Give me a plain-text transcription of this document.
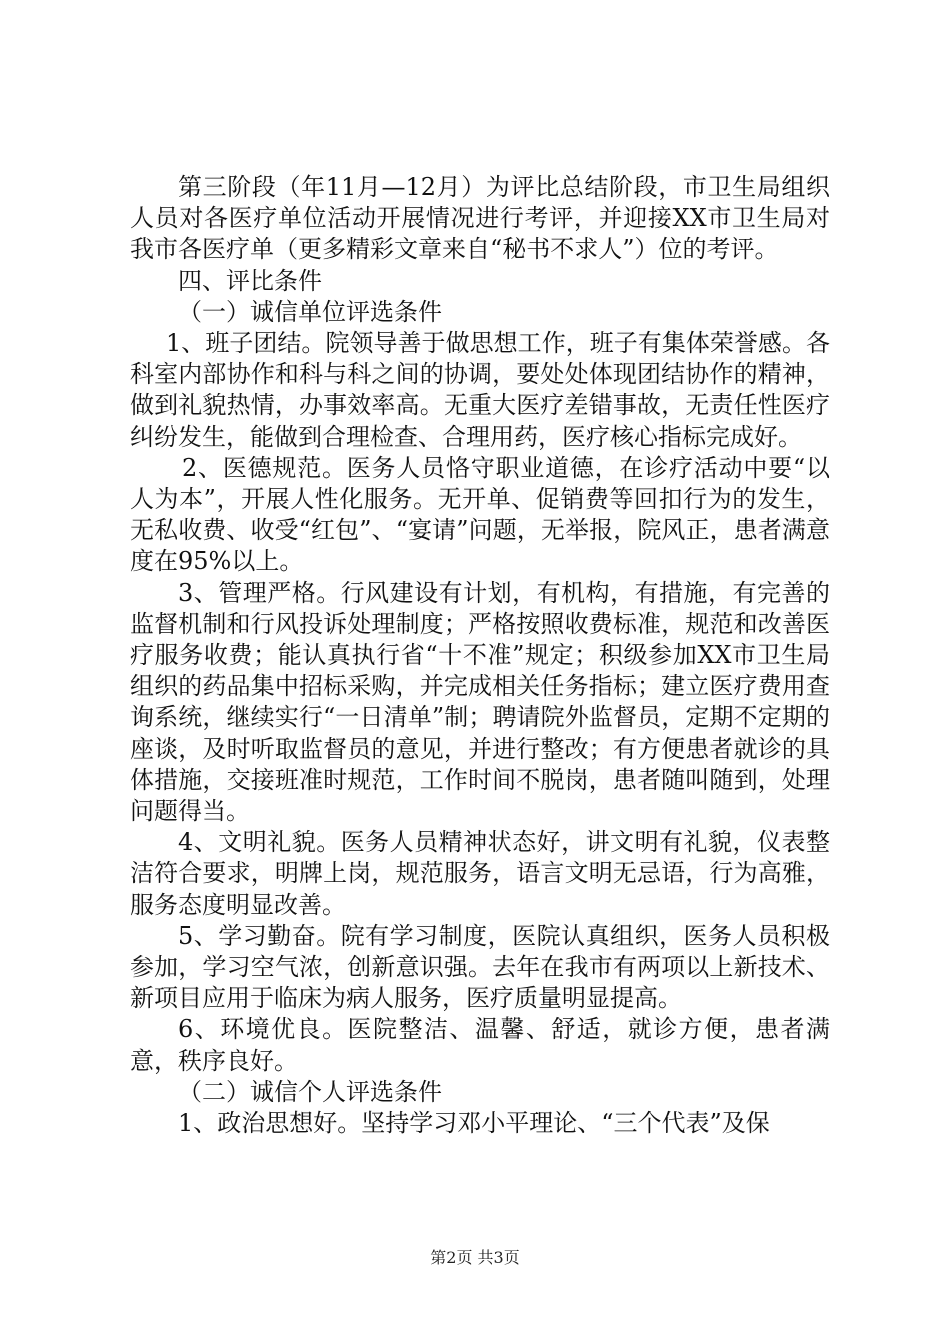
第三阶段（年11月—12月）为评比总结阶段，市卫生局组织人员对各医疗单位活动开展情况进行考评，并迎接XX市卫生局对我市各医疗单（更多精彩文章来自“秘书不求人”）位的考评。

四、评比条件

（一）诚信单位评选条件

1、班子团结。院领导善于做思想工作，班子有集体荣誉感。各科室内部协作和科与科之间的协调，要处处体现团结协作的精神，做到礼貌热情，办事效率高。无重大医疗差错事故，无责任性医疗纠纷发生，能做到合理检查、合理用药，医疗核心指标完成好。

2、医德规范。医务人员恪守职业道德，在诊疗活动中要“以人为本”，开展人性化服务。无开单、促销费等回扣行为的发生，无私收费、收受“红包”、“宴请”问题，无举报，院风正，患者满意度在95%以上。

3、管理严格。行风建设有计划，有机构，有措施，有完善的监督机制和行风投诉处理制度；严格按照收费标准，规范和改善医疗服务收费；能认真执行省“十不准”规定；积级参加XX市卫生局组织的药品集中招标采购，并完成相关任务指标；建立医疗费用查询系统，继续实行“一日清单”制；聘请院外监督员，定期不定期的座谈，及时听取监督员的意见，并进行整改；有方便患者就诊的具体措施，交接班准时规范，工作时间不脱岗，患者随叫随到，处理问题得当。

4、文明礼貌。医务人员精神状态好，讲文明有礼貌，仪表整洁符合要求，明牌上岗，规范服务，语言文明无忌语，行为高雅，服务态度明显改善。

5、学习勤奋。院有学习制度，医院认真组织，医务人员积极参加，学习空气浓，创新意识强。去年在我市有两项以上新技术、新项目应用于临床为病人服务，医疗质量明显提高。

6、环境优良。医院整洁、温馨、舒适，就诊方便，患者满意，秩序良好。

（二）诚信个人评选条件

1、政治思想好。坚持学习邓小平理论、“三个代表”及保

第2页 共3页
